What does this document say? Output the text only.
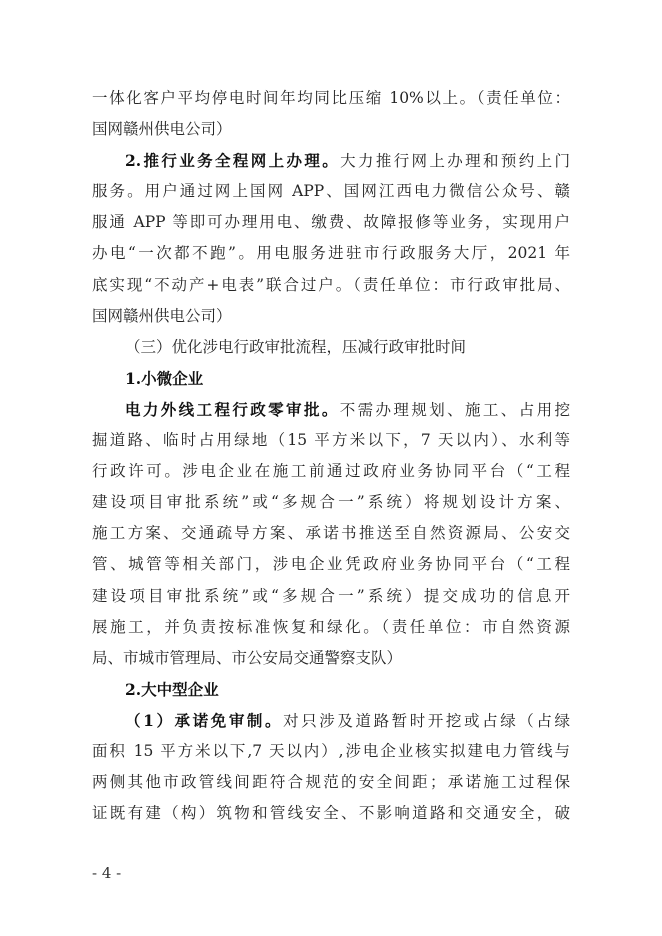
一体化客户平均停电时间年均同比压缩 10%以上。（责任单位：
国网赣州供电公司）
2.推行业务全程网上办理。大力推行网上办理和预约上门
服务。用户通过网上国网 APP、国网江西电力微信公众号、赣
服通 APP 等即可办理用电、缴费、故障报修等业务，实现用户
办电“一次都不跑”。用电服务进驻市行政服务大厅，2021 年
底实现“不动产+电表”联合过户。（责任单位：市行政审批局、
国网赣州供电公司）
（三）优化涉电行政审批流程，压减行政审批时间
1.小微企业
电力外线工程行政零审批。不需办理规划、施工、占用挖
掘道路、临时占用绿地（15 平方米以下，7 天以内）、水利等
行政许可。涉电企业在施工前通过政府业务协同平台（“工程
建设项目审批系统”或“多规合一”系统）将规划设计方案、
施工方案、交通疏导方案、承诺书推送至自然资源局、公安交
管、城管等相关部门，涉电企业凭政府业务协同平台（“工程
建设项目审批系统”或“多规合一”系统）提交成功的信息开
展施工，并负责按标准恢复和绿化。（责任单位：市自然资源
局、市城市管理局、市公安局交通警察支队）
2.大中型企业
（1）承诺免审制。对只涉及道路暂时开挖或占绿（占绿
面积 15 平方米以下,7 天以内）,涉电企业核实拟建电力管线与
两侧其他市政管线间距符合规范的安全间距；承诺施工过程保
证既有建（构）筑物和管线安全、不影响道路和交通安全，破
- 4 -
